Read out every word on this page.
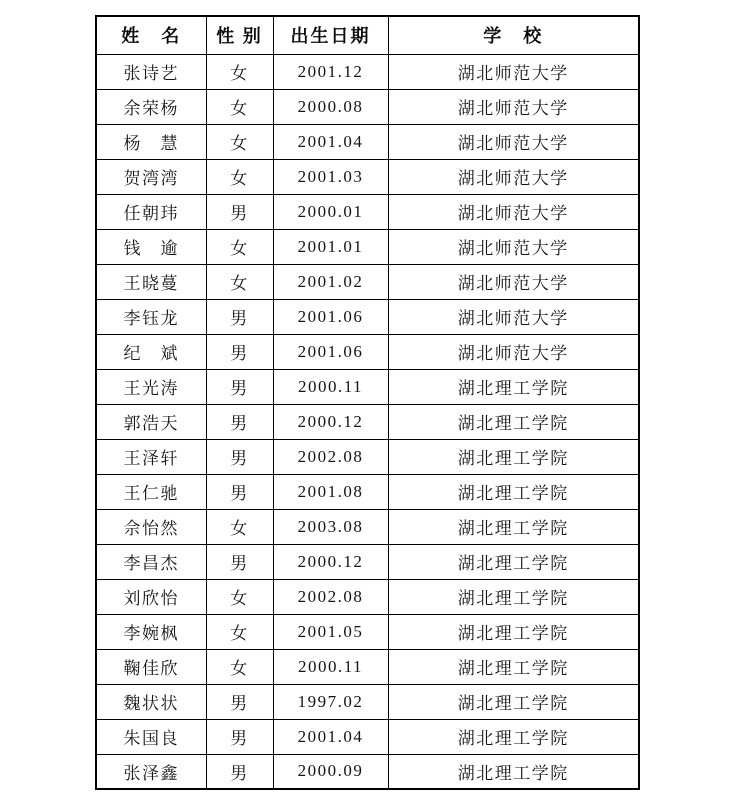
姓　名	性 别	出生日期	学　校
张诗艺	女	2001.12	湖北师范大学
余荣杨	女	2000.08	湖北师范大学
杨　慧	女	2001.04	湖北师范大学
贺湾湾	女	2001.03	湖北师范大学
任朝玮	男	2000.01	湖北师范大学
钱　逾	女	2001.01	湖北师范大学
王晓蔓	女	2001.02	湖北师范大学
李钰龙	男	2001.06	湖北师范大学
纪　斌	男	2001.06	湖北师范大学
王光涛	男	2000.11	湖北理工学院
郭浩天	男	2000.12	湖北理工学院
王泽轩	男	2002.08	湖北理工学院
王仁驰	男	2001.08	湖北理工学院
佘怡然	女	2003.08	湖北理工学院
李昌杰	男	2000.12	湖北理工学院
刘欣怡	女	2002.08	湖北理工学院
李婉枫	女	2001.05	湖北理工学院
鞠佳欣	女	2000.11	湖北理工学院
魏状状	男	1997.02	湖北理工学院
朱国良	男	2001.04	湖北理工学院
张泽鑫	男	2000.09	湖北理工学院
